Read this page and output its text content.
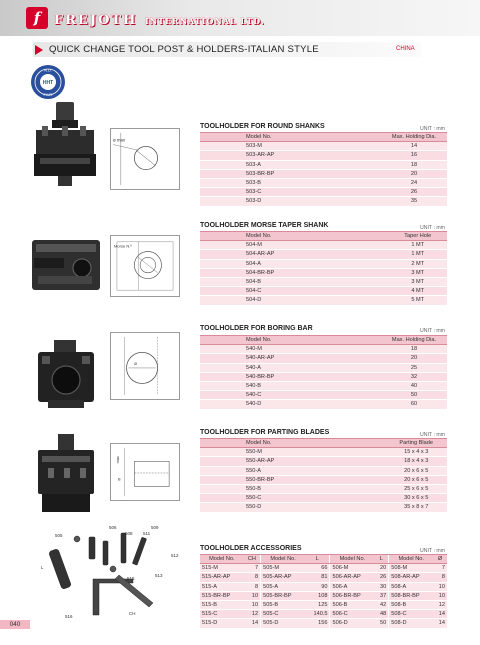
f	FREJOTH INTERNATIONAL LTD.
QUICK CHANGE TOOL POST & HOLDERS-ITALIAN STYLE	CHINA
N.D.
HHT
FAIR
ø max
TOOLHOLDER FOR ROUND SHANKS	UNIT : mm
Model No.	Max. Holding Dia.
503-M	14
503-AR-AP	16
503-A	18
503-BR-BP	20
503-B	24
503-C	26
503-D	35
Morse N.º
TOOLHOLDER MORSE TAPER SHANK	UNIT : mm
Model No.	Taper Hole
504-M	1 MT
504-AR-AP	1 MT
504-A	2 MT
504-BR-BP	3 MT
504-B	3 MT
504-C	4 MT
504-D	5 MT
ø
TOOLHOLDER FOR BORING BAR	UNIT : mm
Model No.	Max. Holding Dia.
540-M	18
540-AR-AP	20
540-A	25
540-BR-BP	32
540-B	40
540-C	50
540-D	60
max
B
TOOLHOLDER FOR PARTING BLADES	UNIT : mm
Model No.	Parting Blade
550-M	15 x 4 x 3
550-AR-AP	18 x 4 x 3
550-A	20 x 6 x 5
550-BR-BP	20 x 6 x 5
550-B	25 x 6 x 5
550-C	30 x 6 x 5
550-D	35 x 8 x 7
506
505	508
509
511
512
513
515
516
CH
L
TOOLHOLDER ACCESSORIES	UNIT : mm
Model No.	CH	Model No.	L	Model No.	L	Model No.	Ø
515-M	7	505-M	66	506-M	20	508-M	7
515-AR-AP	8	505-AR-AP	81	506-AR-AP	26	508-AR-AP	8
515-A	8	505-A	90	506-A	30	508-A	10
515-BR-BP	10	505-BR-BP	108	506-BR-BP	37	508-BR-BP	10
515-B	10	505-B	125	506-B	42	508-B	12
515-C	12	505-C	140.5	506-C	48	508-C	14
515-D	14	505-D	156	506-D	50	508-D	14
040
